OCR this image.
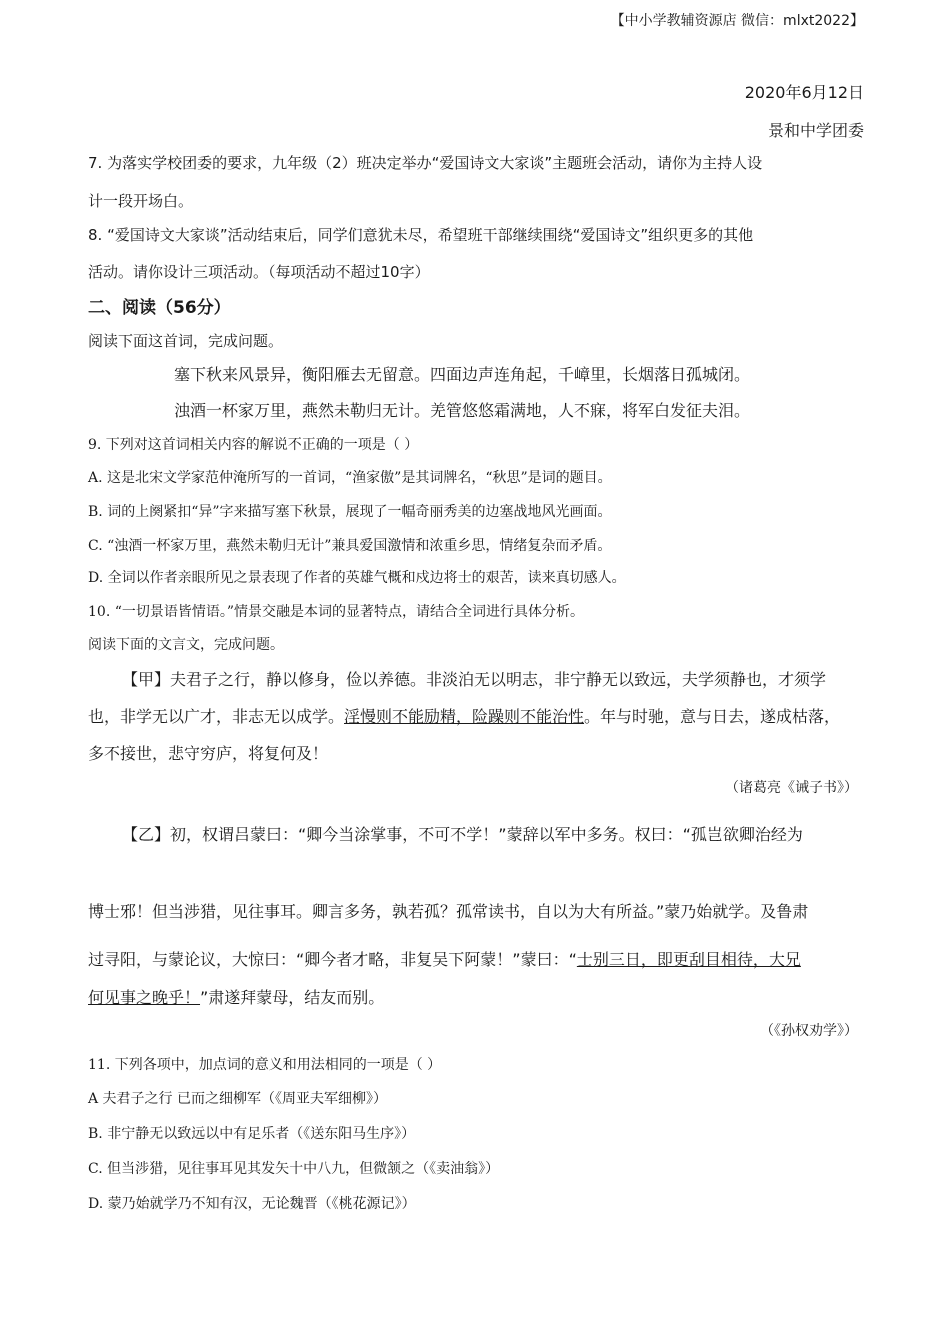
【中小学教辅资源店 微信：mlxt2022】
2020年6月12日
景和中学团委
7. 为落实学校团委的要求，九年级（2）班决定举办“爱国诗文大家谈”主题班会活动，请你为主持人设
计一段开场白。
8. “爱国诗文大家谈”活动结束后，同学们意犹未尽，希望班干部继续围绕“爱国诗文”组织更多的其他
活动。请你设计三项活动。（每项活动不超过10字）
二、阅读（56分）
阅读下面这首词，完成问题。
塞下秋来风景异，衡阳雁去无留意。四面边声连角起，千嶂里，长烟落日孤城闭。
浊酒一杯家万里，燕然未勒归无计。羌管悠悠霜满地，人不寐，将军白发征夫泪。
9. 下列对这首词相关内容的解说不正确的一项是（ ）
A. 这是北宋文学家范仲淹所写的一首词，“渔家傲”是其词牌名，“秋思”是词的题目。
B. 词的上阕紧扣“异”字来描写塞下秋景，展现了一幅奇丽秀美的边塞战地风光画面。
C. “浊酒一杯家万里，燕然未勒归无计”兼具爱国激情和浓重乡思，情绪复杂而矛盾。
D. 全词以作者亲眼所见之景表现了作者的英雄气概和戍边将士的艰苦，读来真切感人。
10. “一切景语皆情语。”情景交融是本词的显著特点，请结合全词进行具体分析。
阅读下面的文言文，完成问题。
【甲】夫君子之行，静以修身，俭以养德。非淡泊无以明志，非宁静无以致远，夫学须静也，才须学
也，非学无以广才，非志无以成学。淫慢则不能励精，险躁则不能治性。年与时驰，意与日去，遂成枯落，
多不接世，悲守穷庐，将复何及！
（诸葛亮《诫子书》）
【乙】初，权谓吕蒙曰：“卿今当涂掌事，不可不学！”蒙辞以军中多务。权曰：“孤岂欲卿治经为
博士邪！但当涉猎，见往事耳。卿言多务，孰若孤？孤常读书，自以为大有所益。”蒙乃始就学。及鲁肃
过寻阳，与蒙论议，大惊曰：“卿今者才略，非复吴下阿蒙！”蒙曰：“士别三日，即更刮目相待，大兄
何见事之晚乎！”肃遂拜蒙母，结友而别。
（《孙权劝学》）
11. 下列各项中，加点词的意义和用法相同的一项是（ ）
A 夫君子之行 已而之细柳军（《周亚夫军细柳》）
B. 非宁静无以致远以中有足乐者（《送东阳马生序》）
C. 但当涉猎，见往事耳见其发矢十中八九，但微颔之（《卖油翁》）
D. 蒙乃始就学乃不知有汉，无论魏晋（《桃花源记》）
